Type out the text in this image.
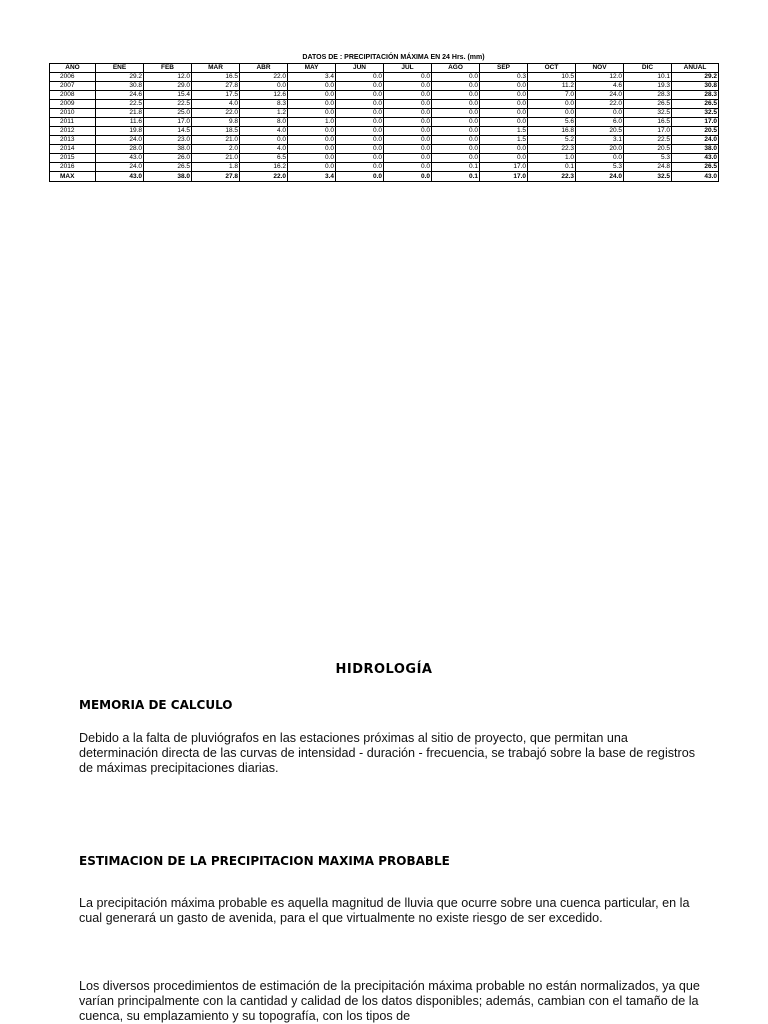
DATOS DE : PRECIPITACIÓN MÁXIMA EN 24 Hrs. (mm)
AÑO	ENE	FEB	MAR	ABR	MAY	JUN	JUL	AGO	SEP	OCT	NOV	DIC	ANUAL
2006	29.2	12.0	16.5	22.0	3.4	0.0	0.0	0.0	0.3	10.5	12.0	10.1	29.2
2007	30.8	29.0	27.8	0.0	0.0	0.0	0.0	0.0	0.0	11.2	4.6	19.3	30.8
2008	24.6	15.4	17.5	12.6	0.0	0.0	0.0	0.0	0.0	7.0	24.0	28.3	28.3
2009	22.5	22.5	4.0	8.3	0.0	0.0	0.0	0.0	0.0	0.0	22.0	26.5	26.5
2010	21.8	25.0	22.0	1.2	0.0	0.0	0.0	0.0	0.0	0.0	0.0	32.5	32.5
2011	11.6	17.0	9.8	8.0	1.0	0.0	0.0	0.0	0.0	5.6	6.0	16.5	17.0
2012	19.8	14.5	18.5	4.0	0.0	0.0	0.0	0.0	1.5	16.8	20.5	17.0	20.5
2013	24.0	23.0	21.0	0.0	0.0	0.0	0.0	0.0	1.5	5.2	3.1	22.5	24.0
2014	28.0	38.0	2.0	4.0	0.0	0.0	0.0	0.0	0.0	22.3	20.0	20.5	38.0
2015	43.0	26.0	21.0	6.5	0.0	0.0	0.0	0.0	0.0	1.0	0.0	5.3	43.0
2016	24.0	26.5	1.8	16.2	0.0	0.0	0.0	0.1	17.0	0.1	5.3	24.8	26.5
MAX	43.0	38.0	27.8	22.0	3.4	0.0	0.0	0.1	17.0	22.3	24.0	32.5	43.0
HIDROLOGÍA
MEMORIA DE CALCULO
Debido a la falta de pluviógrafos en las estaciones próximas al sitio de proyecto, que permitan una determinación directa de las curvas de intensidad - duración - frecuencia, se trabajó sobre la base de registros de máximas precipitaciones diarias.
ESTIMACION DE LA PRECIPITACION MAXIMA PROBABLE
La precipitación máxima probable es aquella magnitud de lluvia que ocurre sobre una cuenca particular, en la cual generará un gasto de avenida, para el que virtualmente no existe riesgo de ser excedido.
Los diversos procedimientos de estimación de la precipitación máxima probable no están normalizados, ya que varían principalmente con la cantidad y calidad de los datos disponibles; además, cambian con el tamaño de la cuenca, su emplazamiento y su topografía, con los tipos de
